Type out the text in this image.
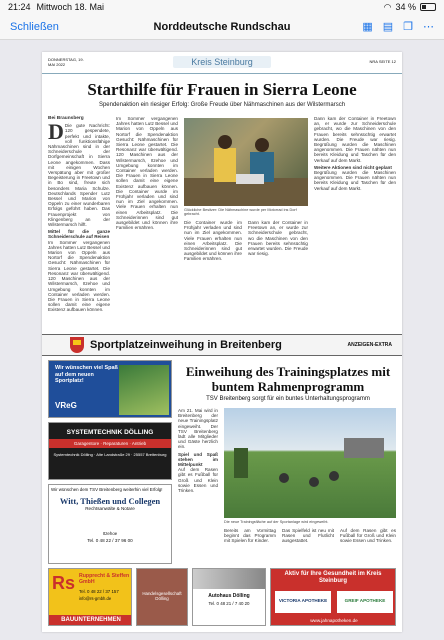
21:24 Mittwoch 18. Mai	◠ 34 %
Schließen	Norddeutsche Rundschau	▦ ▤ ❐ ⋯
DONNERSTAG, 19. MAI 2022	Kreis Steinburg	NRA SEITE 12
Starthilfe für Frauen in Sierra Leone
Spendenaktion ein riesiger Erfolg: Große Freude über Nähmaschinen aus der Wilstermarsch
Bei Braunsberg
D Die gute Nachricht: 120 gespendete, perfekt und intakte, voll funktionsfähige Nähmaschinen sind in der Schneiderschule der Dorfgemeinschaft in Sierra Leone angekommen. Dass mit einigen Wochen Verspätung aber mit großer Begeisterung in Freetown und in Bo sind, freute sich besonders Maria Schulze. Deutschlands Spender Lutz Bessel und Marion von Oppeln zu einer wunderbaren Erfolgs geführt haben. Das Frauenprojekt von Klingenberg an der Wilstermarsch hilft.
Mittel für die ganze Schneiderschule auf Reisen
Im Sommer vergangenen Jahres hatten Lutz Bessel und Marion von Oppeln aus Nortorf die Spendenaktion Gesucht: Nähmaschinen für Sierra Leone gestartet. Die Resonanz war überwältigend. 120 Maschinen aus der Wilstermarsch, Itzehoe und Umgebung konnten im Container verladen werden. Die Frauen in Sierra Leone sollen damit eine eigene Existenz aufbauen können.
Im Sommer vergangenen Jahres hatten Lutz Bessel und Marion von Oppeln aus Nortorf die Spendenaktion Gesucht: Nähmaschinen für Sierra Leone gestartet. Die Resonanz war überwältigend. 120 Maschinen aus der Wilstermarsch, Itzehoe und Umgebung konnten im Container verladen werden. Die Frauen in Sierra Leone sollen damit eine eigene Existenz aufbauen können. Die Container wurde im Frühjahr verladen und sind nun im Ziel angekommen. Viele Frauen erhalten nun einen Arbeitsplatz. Die Schneiderinnen sind gut ausgebildet und können ihre Familien ernähren.
Glückliche Besitzer: Die Nähmaschine wurde per Motorrad ins Dorf gebracht.
Die Container wurde im Frühjahr verladen und sind nun im Ziel angekommen. Viele Frauen erhalten nun einen Arbeitsplatz. Die Schneiderinnen sind gut ausgebildet und können ihre Familien ernähren.
Dann kam der Container in Freetown an, er wurde zur Schneiderschule gebracht, wo die Maschinen von den Frauen bereits sehnsüchtig erwartet wurden. Die Freude war riesig.
Dann kam der Container in Freetown an, er wurde zur Schneiderschule gebracht, wo die Maschinen von den Frauen bereits sehnsüchtig erwartet wurden. Die Freude war riesig. Begrüßung wurden die Maschinen angenommen. Die Frauen nähten nun bereits Kleidung und Taschen für den Verkauf auf dem Markt.
Weitere Aktionen sind nicht geplant
Begrüßung wurden die Maschinen angenommen. Die Frauen nähten nun bereits Kleidung und Taschen für den Verkauf auf dem Markt.
Sportplatzeinweihung in Breitenberg	ANZEIGEN-EXTRA
Wir wünschen viel Spaß auf dem neuen Sportplatz!
VReG
SYSTEMTECHNIK DÖLLING
Garagentore · Reparaturen · Antrieb
Systemtechnik Dölling · Alte Landstraße 29 · 25557 Breitenburg
Wir wünschen dem TSV Breitenberg weiterhin viel Erfolg!
Witt, Thießen und Collegen
Rechtsanwälte & Notare
Itzehoe
Tel. 0 48 22 / 37 96 00
Einweihung des Trainingsplatzes mit buntem Rahmenprogramm
TSV Breitenberg sorgt für ein buntes Unterhaltungsprogramm
Am 21. Mai wird in Breitenberg der neue Trainingsplatz eingeweiht. Der TSV Breitenberg lädt alle Mitglieder und Gäste herzlich ein.
Spiel und Spaß stehen im Mittelpunkt
Auf dem Rasen gibt es Fußball für Groß und Klein sowie Essen und Trinken.
Die neue Trainingsfläche auf der Sportanlage wird eingeweiht.
Bereits am Vormittag beginnt das Programm mit Spielen für Kinder.
Das Spielfeld ist neu mit Rasen und Flutlicht ausgestattet.
Auf dem Rasen gibt es Fußball für Groß und Klein sowie Essen und Trinken.
Rs Rupprecht & Steffen GmbH
Tel. 0 48 22 / 37 157
info@rs-gmbh.de
BAUUNTERNEHMEN
Handelsgesellschaft Dölling	Autohaus Dölling
Tel. 0 48 21 / 7 40 20
Aktiv für Ihre Gesundheit im Kreis Steinburg
VICTORIA APOTHEKE	GREIF APOTHEKE
www.jahnapotheken.de
